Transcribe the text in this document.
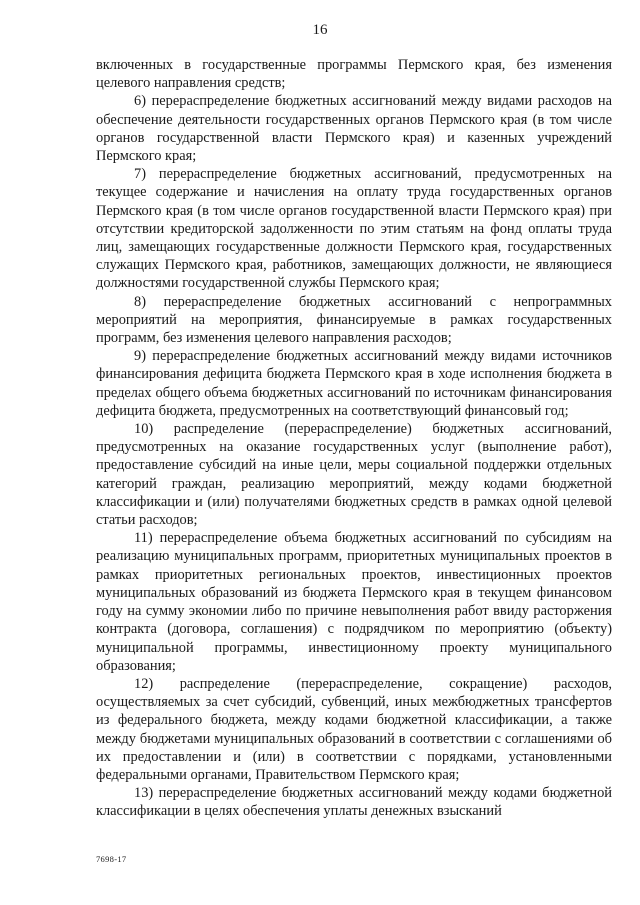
16

включенных в государственные программы Пермского края, без изменения целевого направления средств;

6) перераспределение бюджетных ассигнований между видами расходов на обеспечение деятельности государственных органов Пермского края (в том числе органов государственной власти Пермского края) и казенных учреждений Пермского края;

7) перераспределение бюджетных ассигнований, предусмотренных на текущее содержание и начисления на оплату труда государственных органов Пермского края (в том числе органов государственной власти Пермского края) при отсутствии кредиторской задолженности по этим статьям на фонд оплаты труда лиц, замещающих государственные должности Пермского края, государственных служащих Пермского края, работников, замещающих должности, не являющиеся должностями государственной службы Пермского края;

8) перераспределение бюджетных ассигнований с непрограммных мероприятий на мероприятия, финансируемые в рамках государственных программ, без изменения целевого направления расходов;

9) перераспределение бюджетных ассигнований между видами источников финансирования дефицита бюджета Пермского края в ходе исполнения бюджета в пределах общего объема бюджетных ассигнований по источникам финансирования дефицита бюджета, предусмотренных на соответствующий финансовый год;

10) распределение (перераспределение) бюджетных ассигнований, предусмотренных на оказание государственных услуг (выполнение работ), предоставление субсидий на иные цели, меры социальной поддержки отдельных категорий граждан, реализацию мероприятий, между кодами бюджетной классификации и (или) получателями бюджетных средств в рамках одной целевой статьи расходов;

11) перераспределение объема бюджетных ассигнований по субсидиям на реализацию муниципальных программ, приоритетных муниципальных проектов в рамках приоритетных региональных проектов, инвестиционных проектов муниципальных образований из бюджета Пермского края в текущем финансовом году на сумму экономии либо по причине невыполнения работ ввиду расторжения контракта (договора, соглашения) с подрядчиком по мероприятию (объекту) муниципальной программы, инвестиционному проекту муниципального образования;

12) распределение (перераспределение, сокращение) расходов, осуществляемых за счет субсидий, субвенций, иных межбюджетных трансфертов из федерального бюджета, между кодами бюджетной классификации, а также между бюджетами муниципальных образований в соответствии с соглашениями об их предоставлении и (или) в соответствии с порядками, установленными федеральными органами, Правительством Пермского края;

13) перераспределение бюджетных ассигнований между кодами бюджетной классификации в целях обеспечения уплаты денежных взысканий

7698-17
